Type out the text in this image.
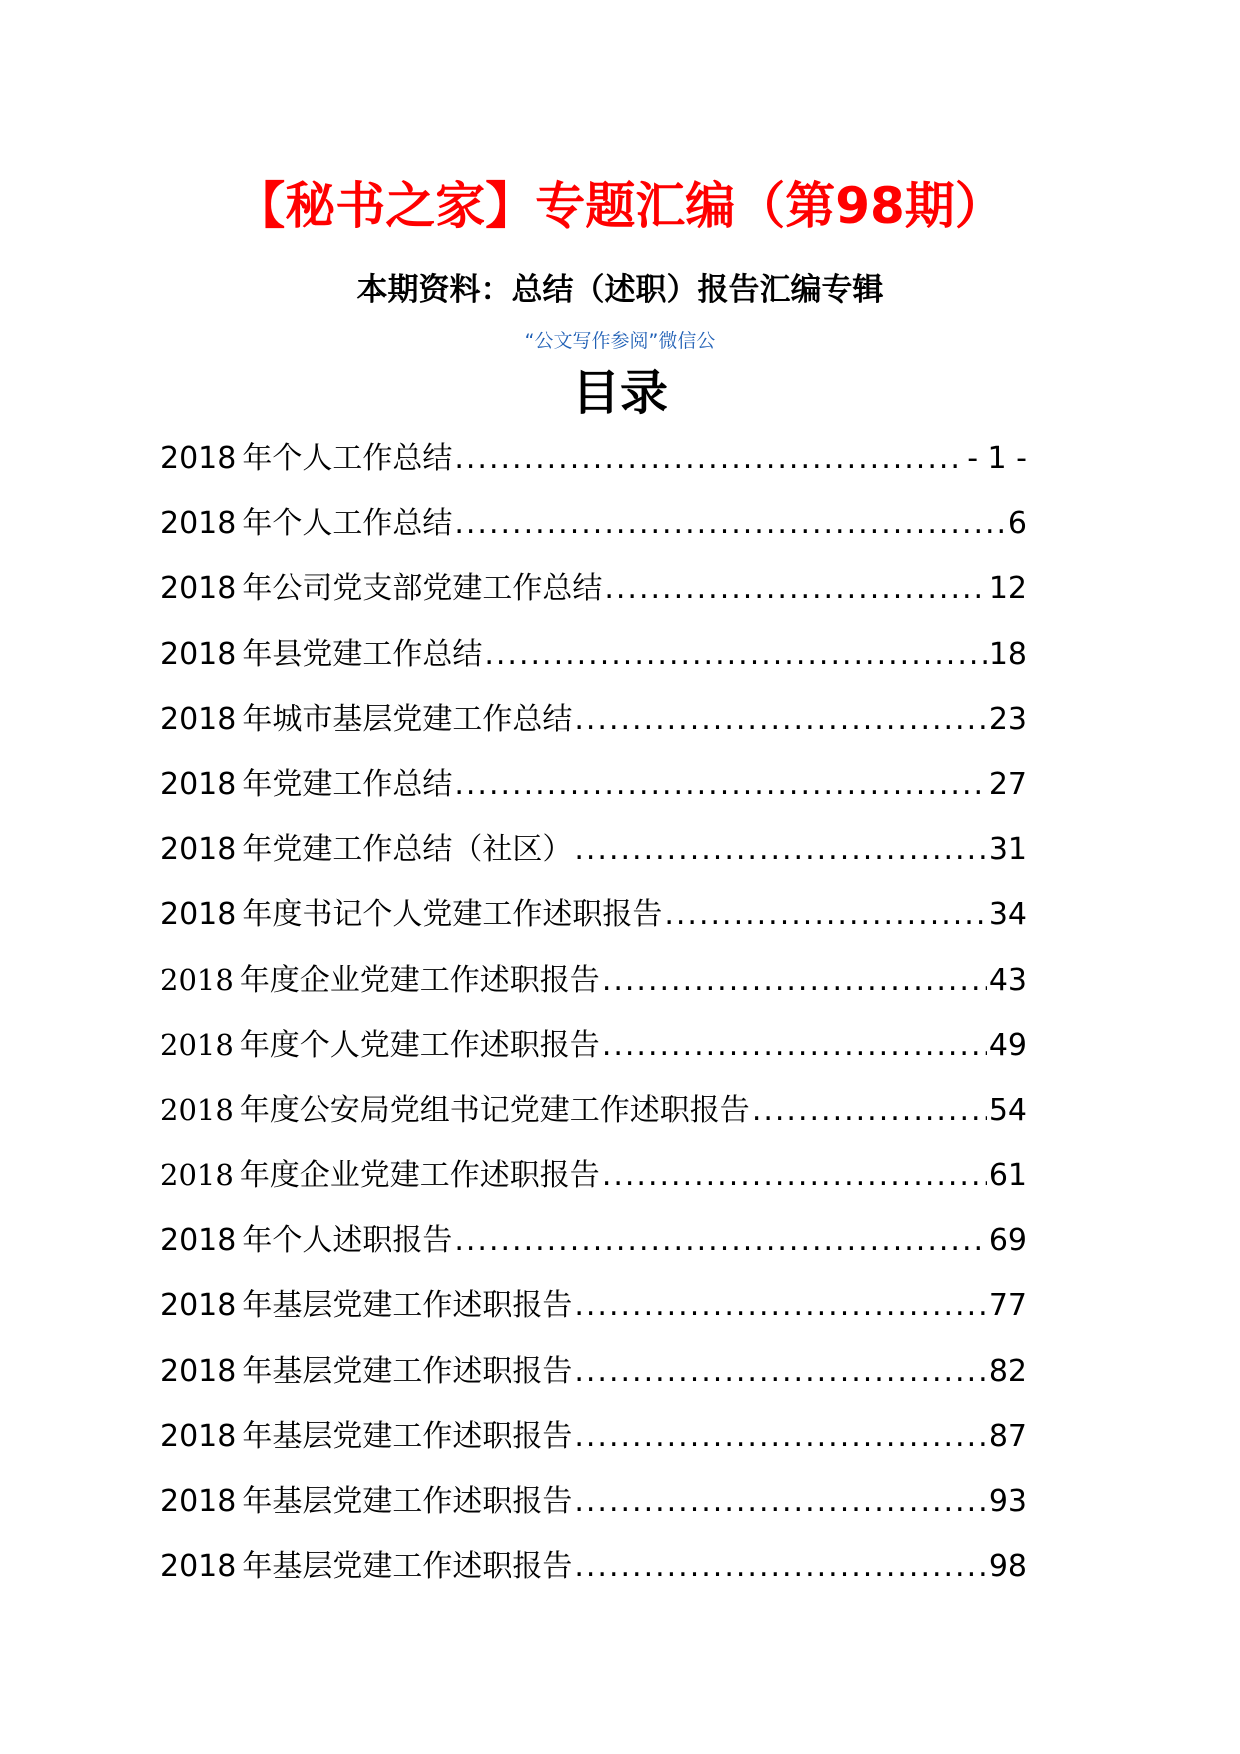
【秘书之家】专题汇编（第98期）
本期资料：总结（述职）报告汇编专辑
“公文写作参阅”微信公
目录
2018 年个人工作总结 .....	- 1 -
2018 年个人工作总结 .....	6
2018 年公司党支部党建工作总结 .....	12
2018 年县党建工作总结 .....	18
2018 年城市基层党建工作总结 .....	23
2018 年党建工作总结 .....	27
2018 年党建工作总结（社区） .....	31
2018 年度书记个人党建工作述职报告 .....	34
2018 年度企业党建工作述职报告 .....	43
2018 年度个人党建工作述职报告 .....	49
2018 年度公安局党组书记党建工作述职报告 .....	54
2018 年度企业党建工作述职报告 .....	61
2018 年个人述职报告 .....	69
2018 年基层党建工作述职报告 .....	77
2018 年基层党建工作述职报告 .....	82
2018 年基层党建工作述职报告 .....	87
2018 年基层党建工作述职报告 .....	93
2018 年基层党建工作述职报告 .....	98
